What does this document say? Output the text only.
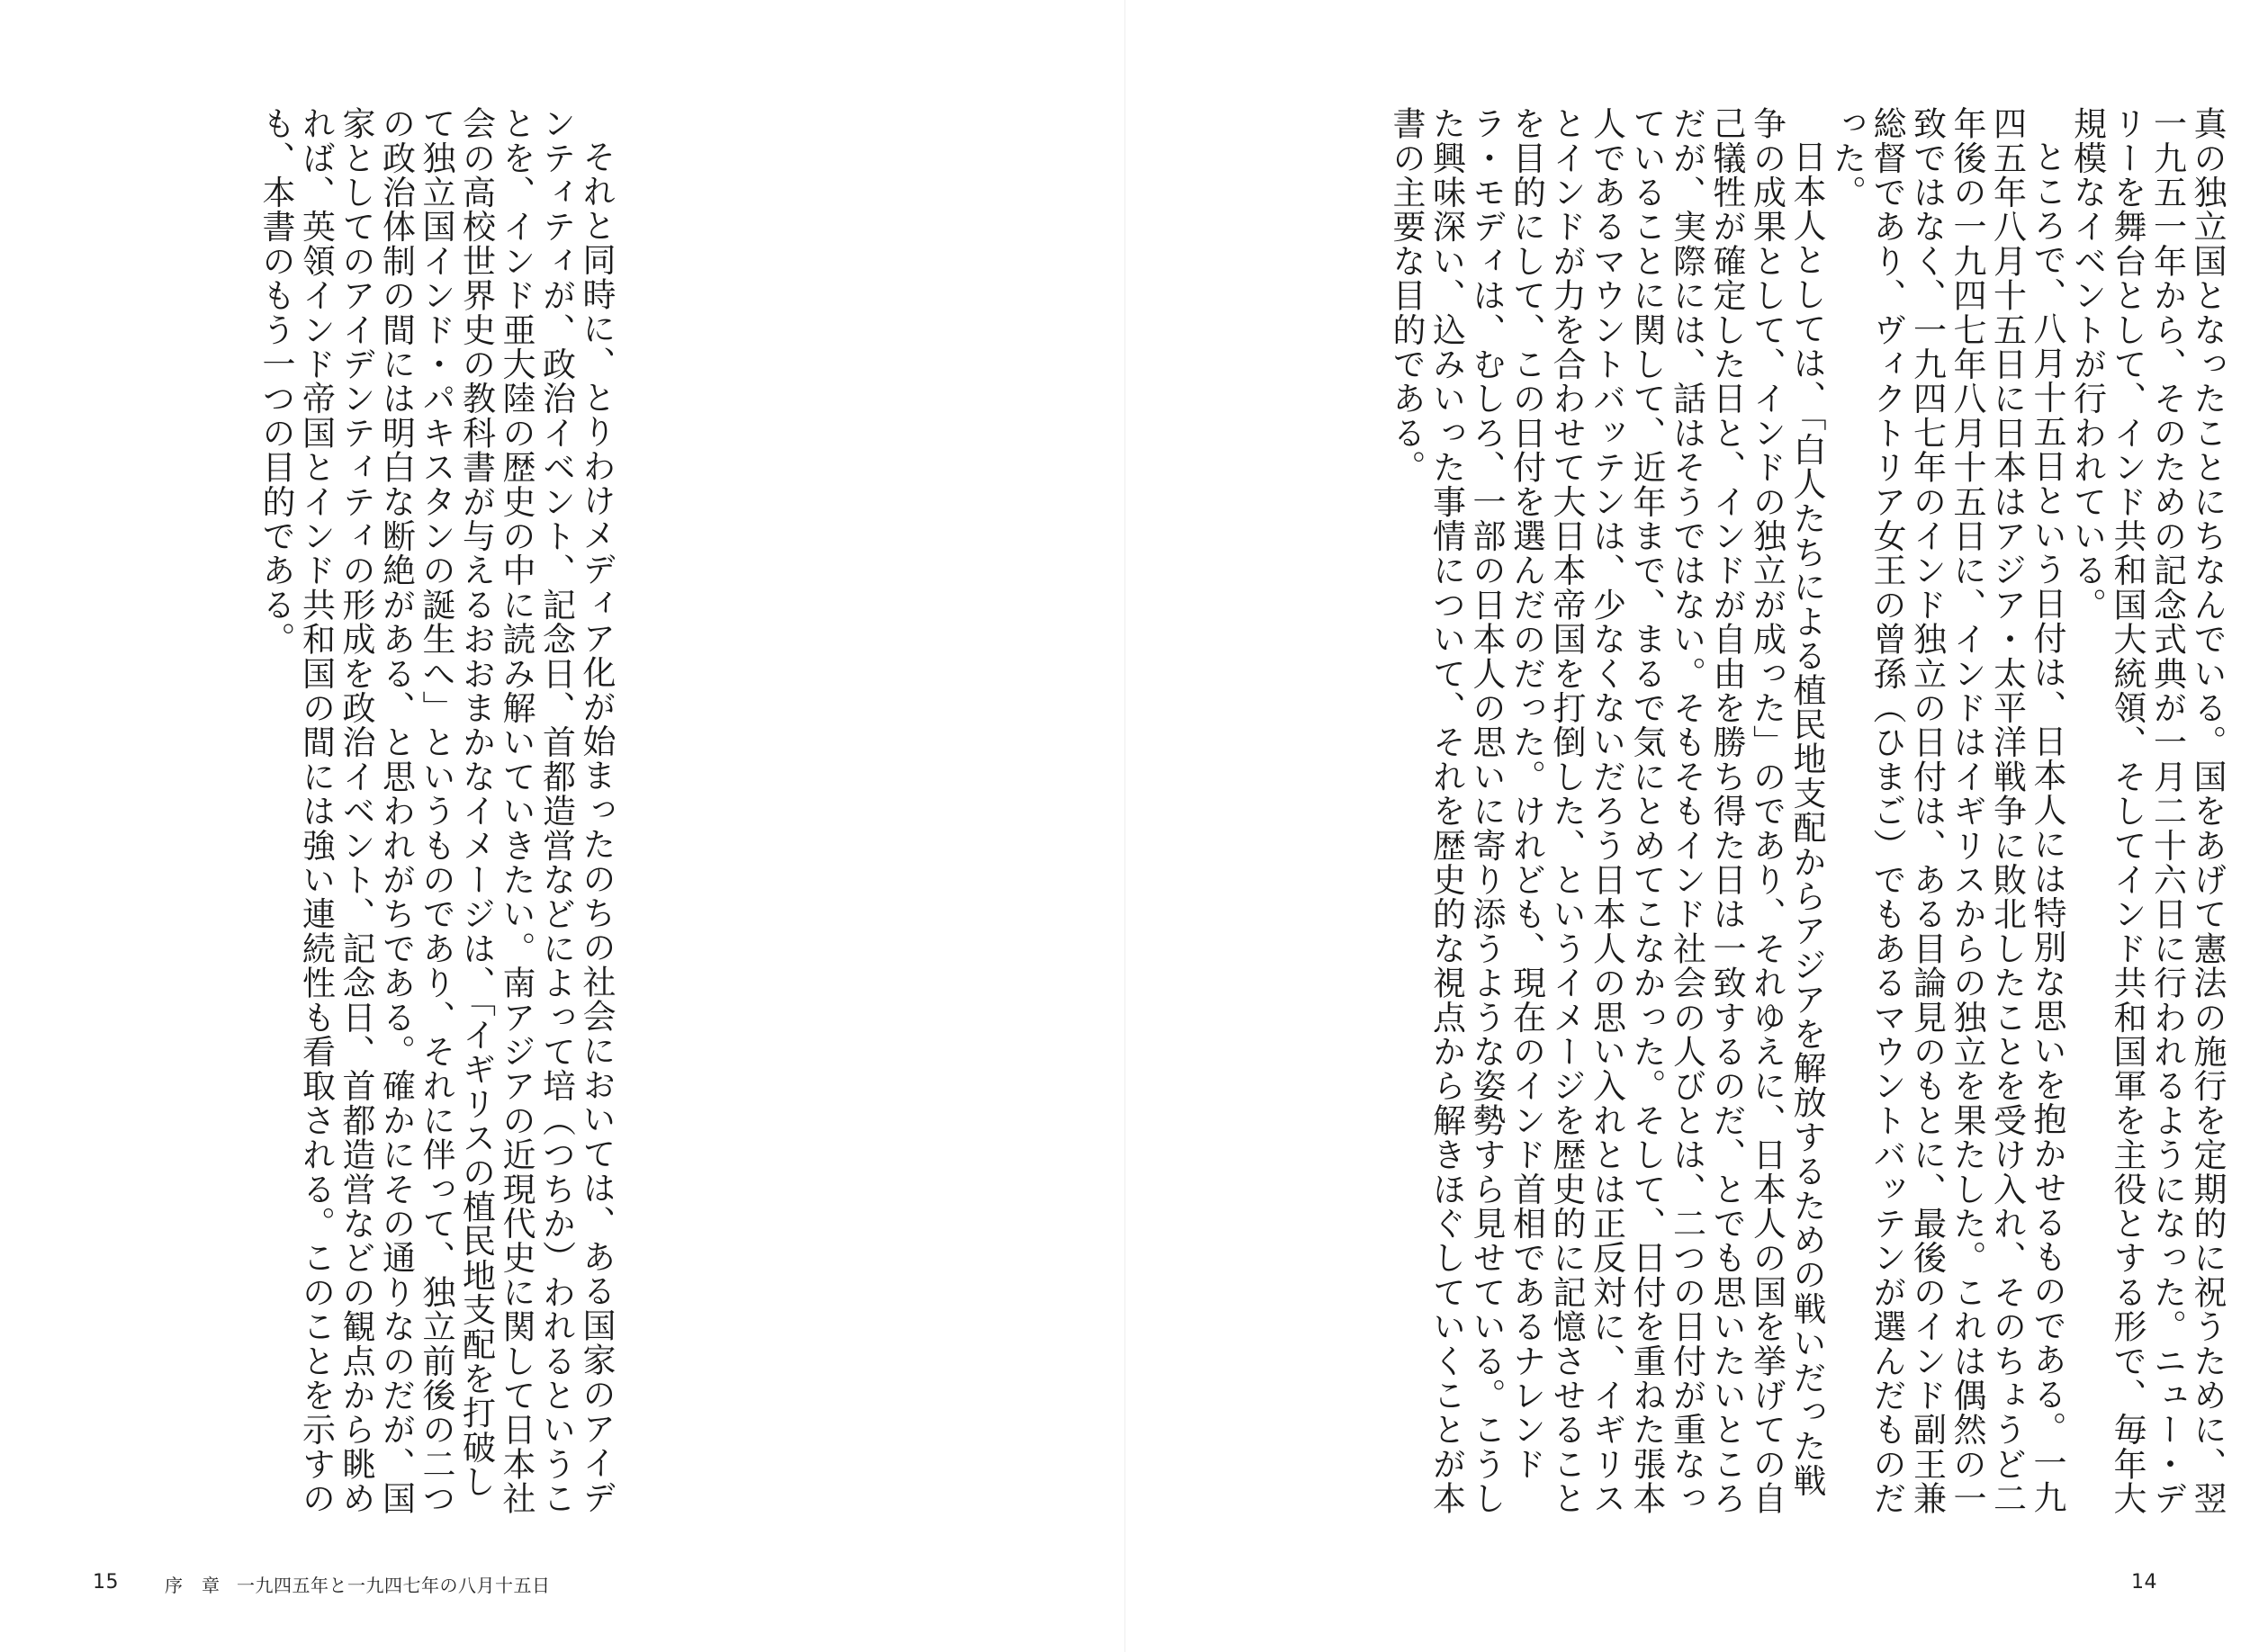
それと同時に、とりわけメディア化が始まったのちの社会においては、ある国家のアイデンティティが、政治イベント、記念日、首都造営などによって培（つちか）われるということを、インド亜大陸の歴史の中に読み解いていきたい。南アジアの近現代史に関して日本社会の高校世界史の教科書が与えるおおまかなイメージは、「イギリスの植民地支配を打破して独立国インド・パキスタンの誕生へ」というものであり、それに伴って、独立前後の二つの政治体制の間には明白な断絶がある、と思われがちである。確かにその通りなのだが、国家としてのアイデンティティの形成を政治イベント、記念日、首都造営などの観点から眺めれば、英領インド帝国とインド共和国の間には強い連続性も看取される。このことを示すのも、本書のもう一つの目的である。

15	序　章 一九四五年と一九四七年の八月十五日

真の独立国となったことにちなんでいる。国をあげて憲法の施行を定期的に祝うために、翌一九五一年から、そのための記念式典が一月二十六日に行われるようになった。ニュー・デリーを舞台として、インド共和国大統領、そしてインド共和国軍を主役とする形で、毎年大規模なイベントが行われている。

ところで、八月十五日という日付は、日本人には特別な思いを抱かせるものである。一九四五年八月十五日に日本はアジア・太平洋戦争に敗北したことを受け入れ、そのちょうど二年後の一九四七年八月十五日に、インドはイギリスからの独立を果たした。これは偶然の一致ではなく、一九四七年のインド独立の日付は、ある目論見のもとに、最後のインド副王兼総督であり、ヴィクトリア女王の曾孫（ひまご）でもあるマウントバッテンが選んだものだった。

日本人としては、「白人たちによる植民地支配からアジアを解放するための戦いだった戦争の成果として、インドの独立が成った」のであり、それゆえに、日本人の国を挙げての自己犠牲が確定した日と、インドが自由を勝ち得た日は一致するのだ、とでも思いたいところだが、実際には、話はそうではない。そもそもインド社会の人びとは、二つの日付が重なっていることに関して、近年まで、まるで気にとめてこなかった。そして、日付を重ねた張本人であるマウントバッテンは、少なくないだろう日本人の思い入れとは正反対に、イギリスとインドが力を合わせて大日本帝国を打倒した、というイメージを歴史的に記憶させることを目的にして、この日付を選んだのだった。けれども、現在のインド首相であるナレンドラ・モディは、むしろ、一部の日本人の思いに寄り添うような姿勢すら見せている。こうした興味深い、込みいった事情について、それを歴史的な視点から解きほぐしていくことが本書の主要な目的である。

14
